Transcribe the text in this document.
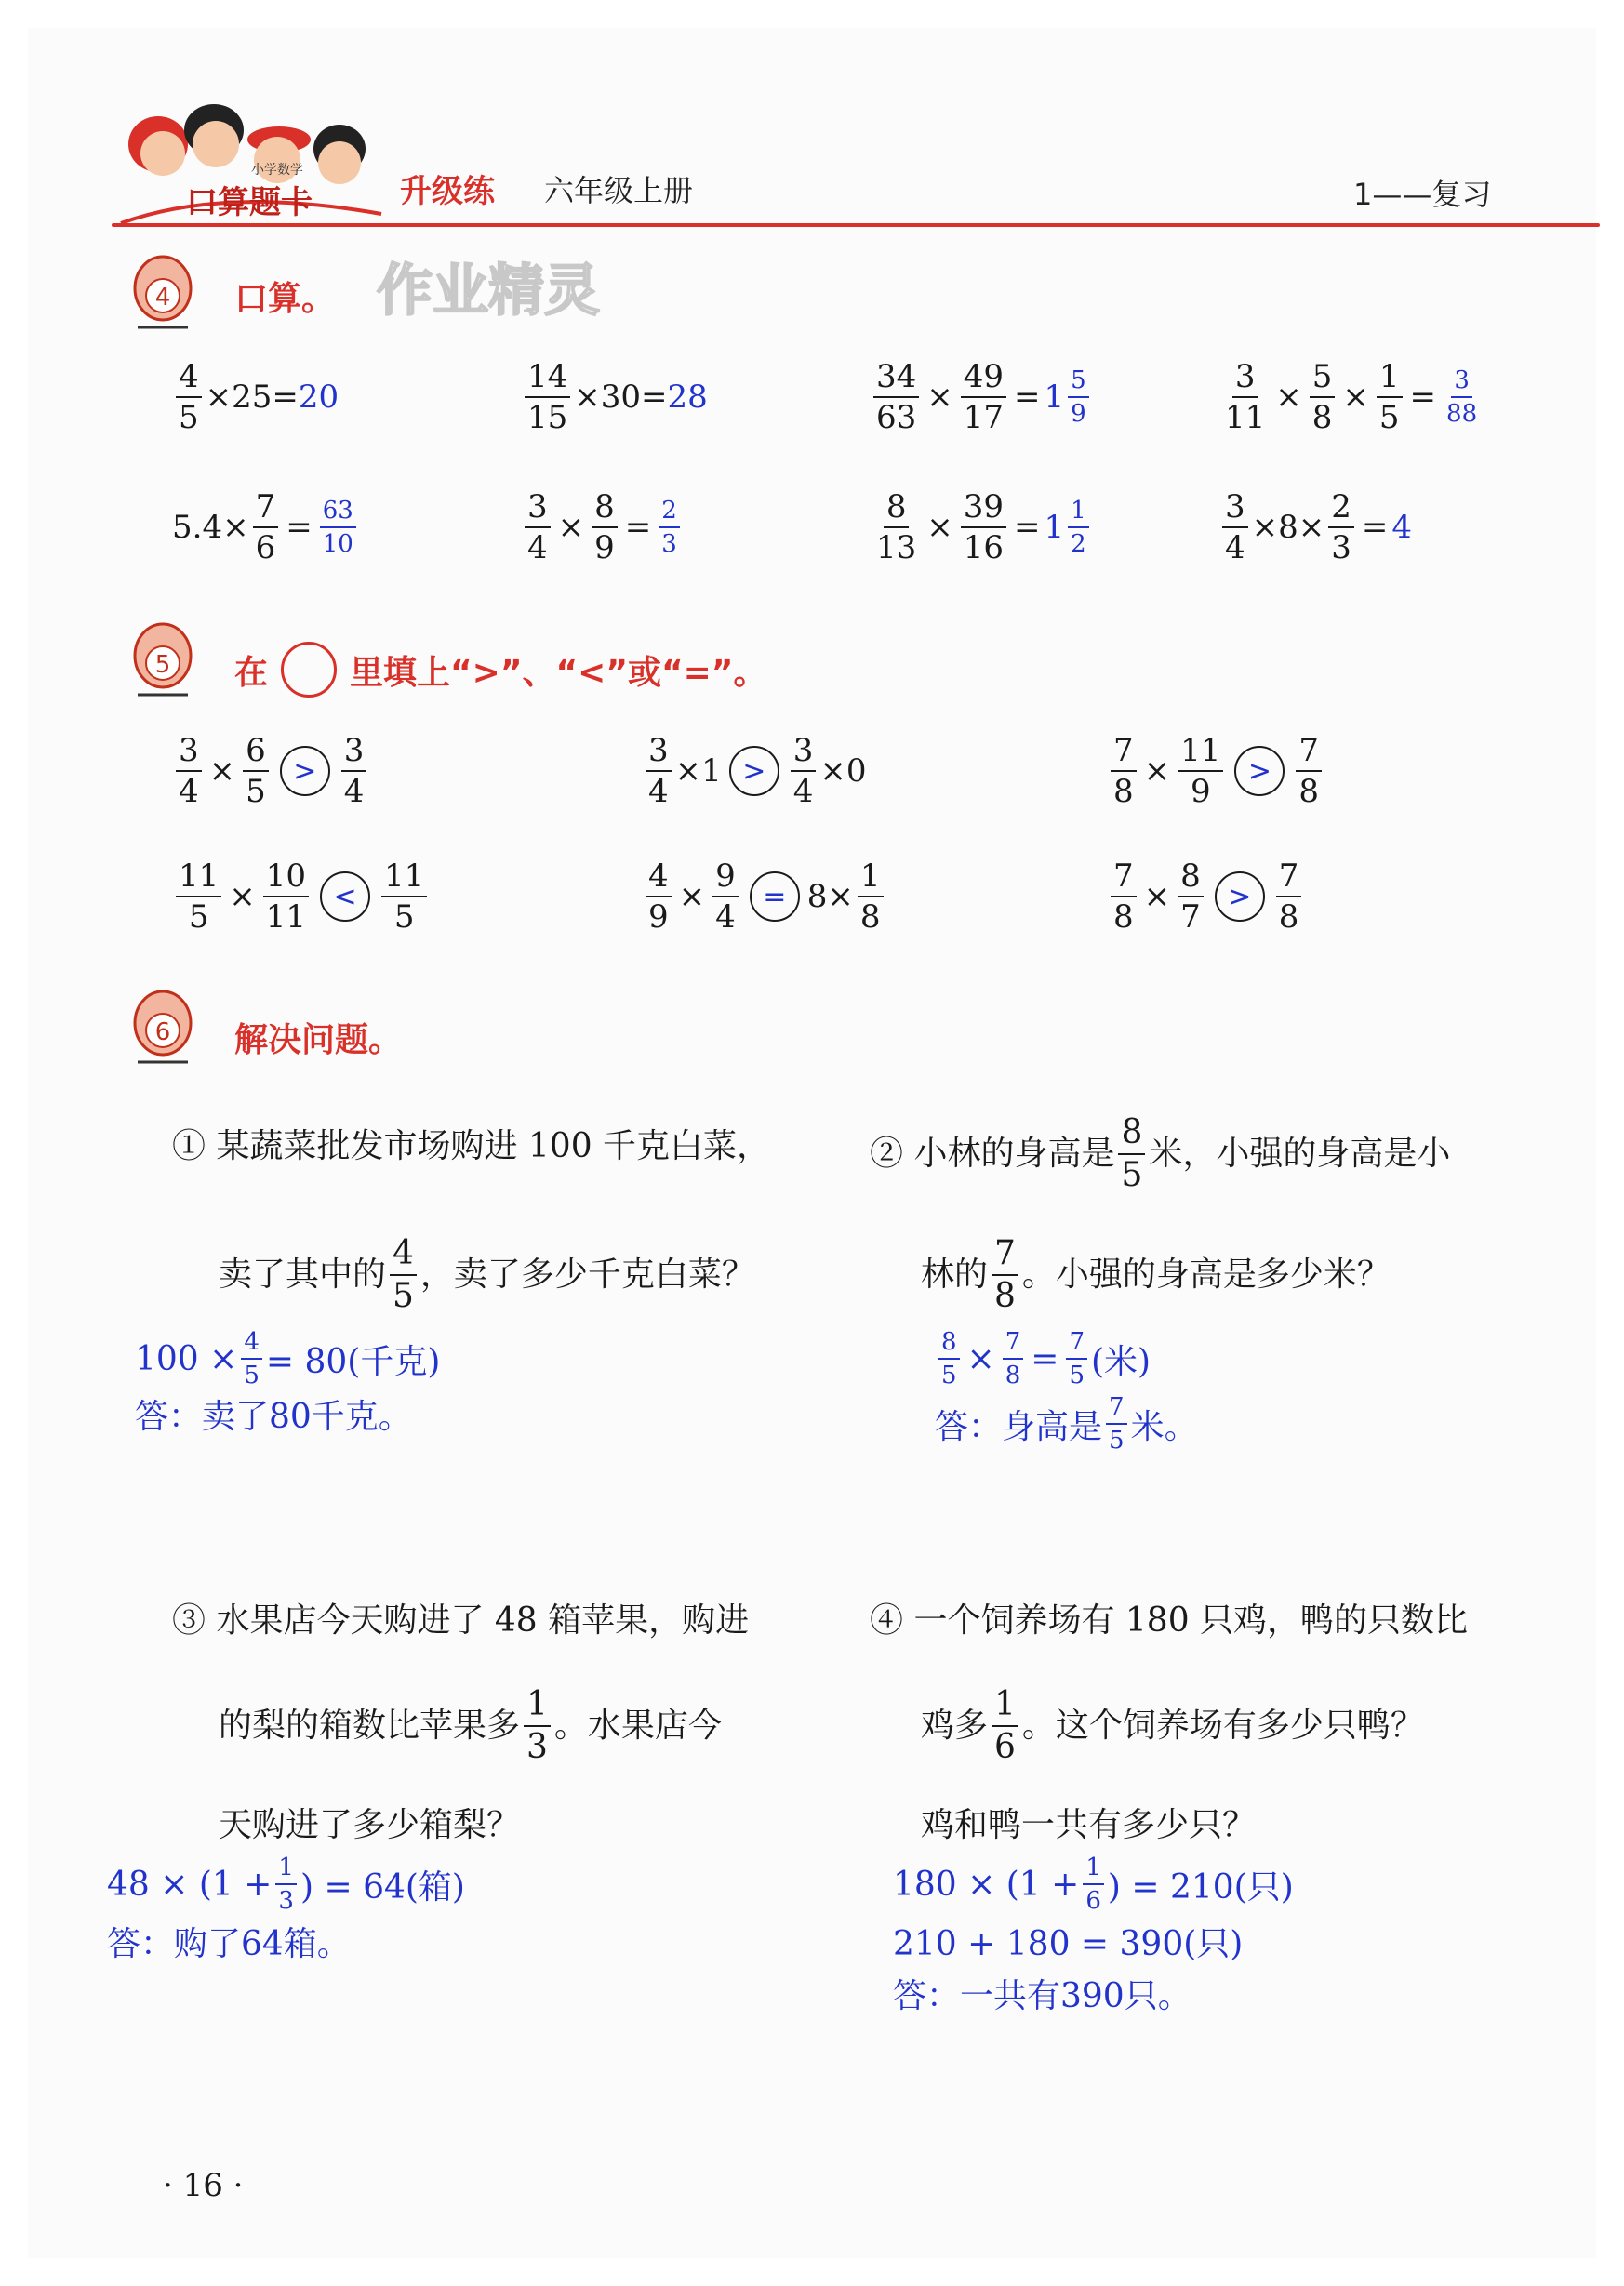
小学数学
口算题卡	升级练 六年级上册	1——复习
4 口算。 作业精灵
$\frac{4}{5} \times 25= 20$	$\frac{14}{15} \times 30= 28$	$\frac{34}{63} \times \frac{49}{17} = 1 \frac{5}{9}$	$\frac{3}{11} \times \frac{5}{8} \times \frac{1}{5} = \frac{3}{88}$
$5.4\times \frac{7}{6} = \frac{63}{10}$	$\frac{3}{4} \times \frac{8}{9} = \frac{2}{3}$	$\frac{8}{13} \times \frac{39}{16} = 1 \frac{1}{2}$	$\frac{3}{4} \times 8\times \frac{2}{3} = 4$
5 在 里填上“>”、“<”或“=”。
$\frac{3}{4} \times \frac{6}{5} > \frac{3}{4}$	$\frac{3}{4} \times 1 > \frac{3}{4} \times 0$	$\frac{7}{8} \times \frac{11}{9} > \frac{7}{8}$
$\frac{11}{5} \times \frac{10}{11} < \frac{11}{5}$	$\frac{4}{9} \times \frac{9}{4} = 8\times \frac{1}{8}$	$\frac{7}{8} \times \frac{8}{7} > \frac{7}{8}$
6 解决问题。
① 某蔬菜批发市场购进 100 千克白菜，
卖了其中的 $\frac{4}{5}$ ，卖了多少千克白菜？
$100 \times \frac{4}{5} = 80$(千克)
答：卖了80千克。
② 小林的身高是 $\frac{8}{5}$ 米，小强的身高是小
林的 $\frac{7}{8}$ 。小强的身高是多少米？
$\frac{8}{5} \times \frac{7}{8} = \frac{7}{5}$ (米)
答：身高是 $\frac{7}{5}$ 米。
③ 水果店今天购进了 48 箱苹果，购进
的梨的箱数比苹果多 $\frac{1}{3}$ 。水果店今
天购进了多少箱梨？
$48 \times (1 + \frac{1}{3}$ ) = 64(箱)
答：购了64箱。
④ 一个饲养场有 180 只鸡，鸭的只数比
鸡多 $\frac{1}{6}$ 。这个饲养场有多少只鸭？
鸡和鸭一共有多少只？
$180 \times (1 + \frac{1}{6}$ ) = 210(只)
210 + 180 = 390(只)
答：一共有390只。
· 16 ·
